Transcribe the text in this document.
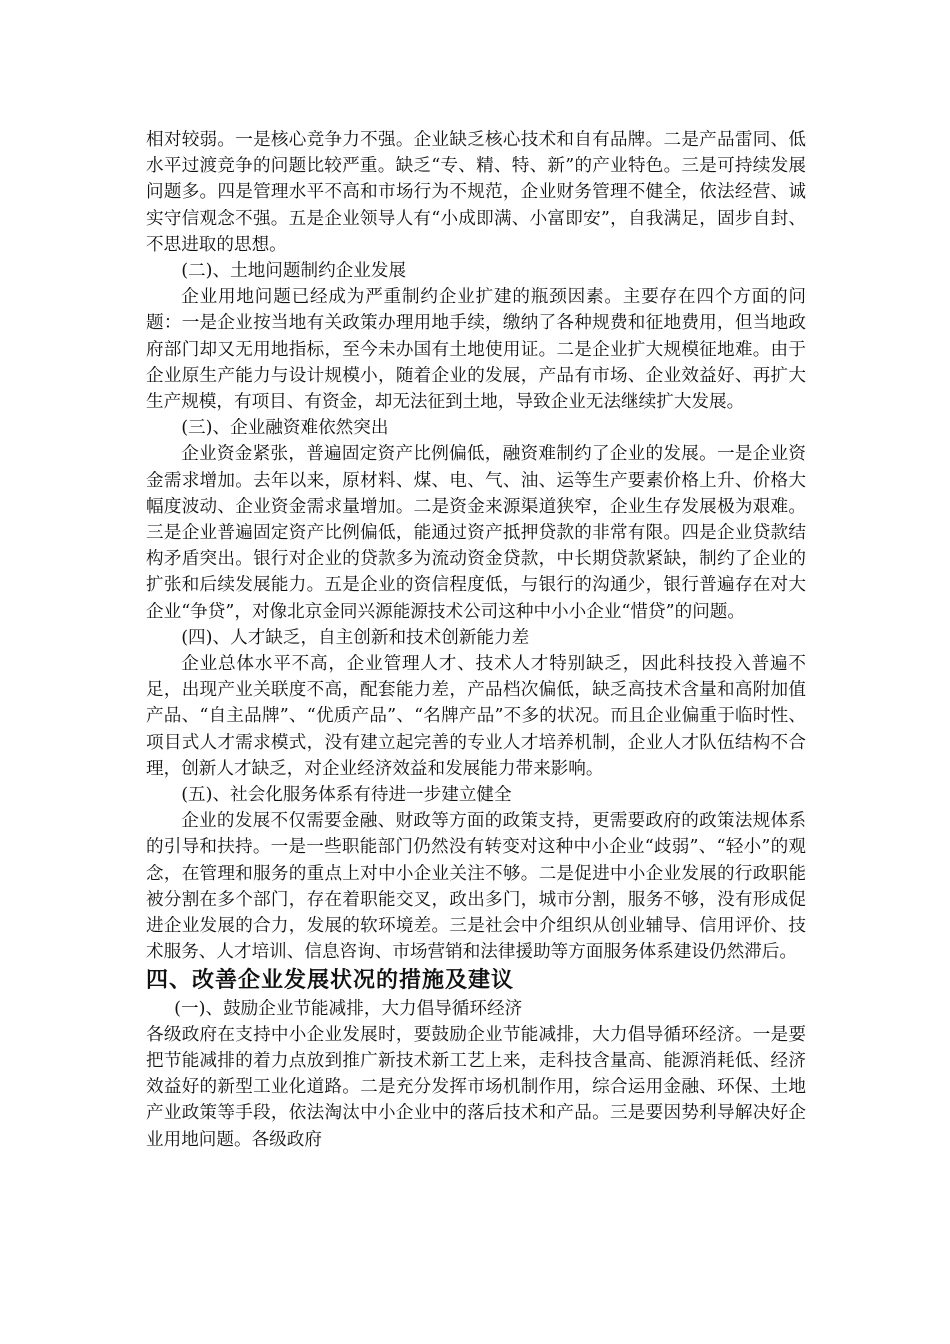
相对较弱。一是核心竞争力不强。企业缺乏核心技术和自有品牌。二是产品雷同、低水平过渡竞争的问题比较严重。缺乏“专、精、特、新”的产业特色。三是可持续发展问题多。四是管理水平不高和市场行为不规范，企业财务管理不健全，依法经营、诚实守信观念不强。五是企业领导人有“小成即满、小富即安”，自我满足，固步自封、不思进取的思想。

(二)、土地问题制约企业发展

企业用地问题已经成为严重制约企业扩建的瓶颈因素。主要存在四个方面的问题：一是企业按当地有关政策办理用地手续，缴纳了各种规费和征地费用，但当地政府部门却又无用地指标，至今未办国有土地使用证。二是企业扩大规模征地难。由于企业原生产能力与设计规模小，随着企业的发展，产品有市场、企业效益好、再扩大生产规模，有项目、有资金，却无法征到土地，导致企业无法继续扩大发展。

(三)、企业融资难依然突出

企业资金紧张，普遍固定资产比例偏低，融资难制约了企业的发展。一是企业资金需求增加。去年以来，原材料、煤、电、气、油、运等生产要素价格上升、价格大幅度波动、企业资金需求量增加。二是资金来源渠道狭窄，企业生存发展极为艰难。三是企业普遍固定资产比例偏低，能通过资产抵押贷款的非常有限。四是企业贷款结构矛盾突出。银行对企业的贷款多为流动资金贷款，中长期贷款紧缺，制约了企业的扩张和后续发展能力。五是企业的资信程度低，与银行的沟通少，银行普遍存在对大企业“争贷”，对像北京金同兴源能源技术公司这种中小小企业“惜贷”的问题。

(四)、人才缺乏，自主创新和技术创新能力差

企业总体水平不高，企业管理人才、技术人才特别缺乏，因此科技投入普遍不足，出现产业关联度不高，配套能力差，产品档次偏低，缺乏高技术含量和高附加值产品、“自主品牌”、“优质产品”、“名牌产品”不多的状况。而且企业偏重于临时性、项目式人才需求模式，没有建立起完善的专业人才培养机制，企业人才队伍结构不合理，创新人才缺乏，对企业经济效益和发展能力带来影响。

(五)、社会化服务体系有待进一步建立健全

企业的发展不仅需要金融、财政等方面的政策支持，更需要政府的政策法规体系的引导和扶持。一是一些职能部门仍然没有转变对这种中小企业“歧弱”、“轻小”的观念，在管理和服务的重点上对中小企业关注不够。二是促进中小企业发展的行政职能被分割在多个部门，存在着职能交叉，政出多门，城市分割，服务不够，没有形成促进企业发展的合力，发展的软环境差。三是社会中介组织从创业辅导、信用评价、技术服务、人才培训、信息咨询、市场营销和法律援助等方面服务体系建设仍然滞后。

四、改善企业发展状况的措施及建议

(一)、鼓励企业节能减排，大力倡导循环经济

各级政府在支持中小企业发展时，要鼓励企业节能减排，大力倡导循环经济。一是要把节能减排的着力点放到推广新技术新工艺上来，走科技含量高、能源消耗低、经济效益好的新型工业化道路。二是充分发挥市场机制作用，综合运用金融、环保、土地产业政策等手段，依法淘汰中小企业中的落后技术和产品。三是要因势利导解决好企业用地问题。各级政府
